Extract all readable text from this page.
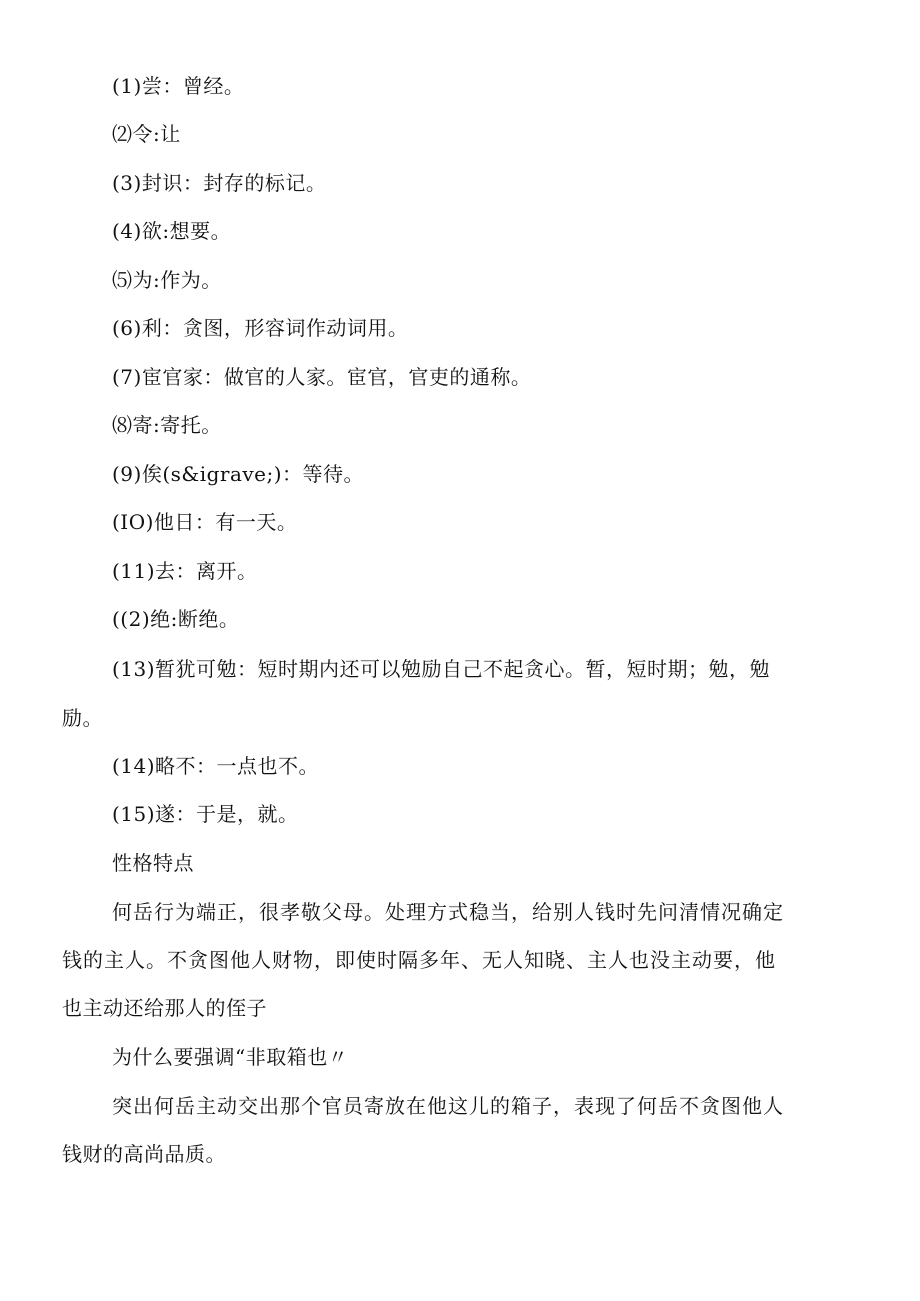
(1)尝：曾经。
⑵令:让
(3)封识：封存的标记。
(4)欲:想要。
⑸为:作为。
(6)利：贪图，形容词作动词用。
(7)宦官家：做官的人家。宦官，官吏的通称。
⑻寄:寄托。
(9)俟(s&igrave;)：等待。
(IO)他日：有一天。
(11)去：离开。
((2)绝:断绝。
(13)暂犹可勉：短时期内还可以勉励自己不起贪心。暂，短时期；勉，勉
励。
(14)略不：一点也不。
(15)遂：于是，就。
性格特点
何岳行为端正，很孝敬父母。处理方式稳当，给别人钱时先问清情况确定
钱的主人。不贪图他人财物，即使时隔多年、无人知晓、主人也没主动要，他
也主动还给那人的侄子
为什么要强调“非取箱也〃
突出何岳主动交出那个官员寄放在他这儿的箱子，表现了何岳不贪图他人
钱财的高尚品质。
